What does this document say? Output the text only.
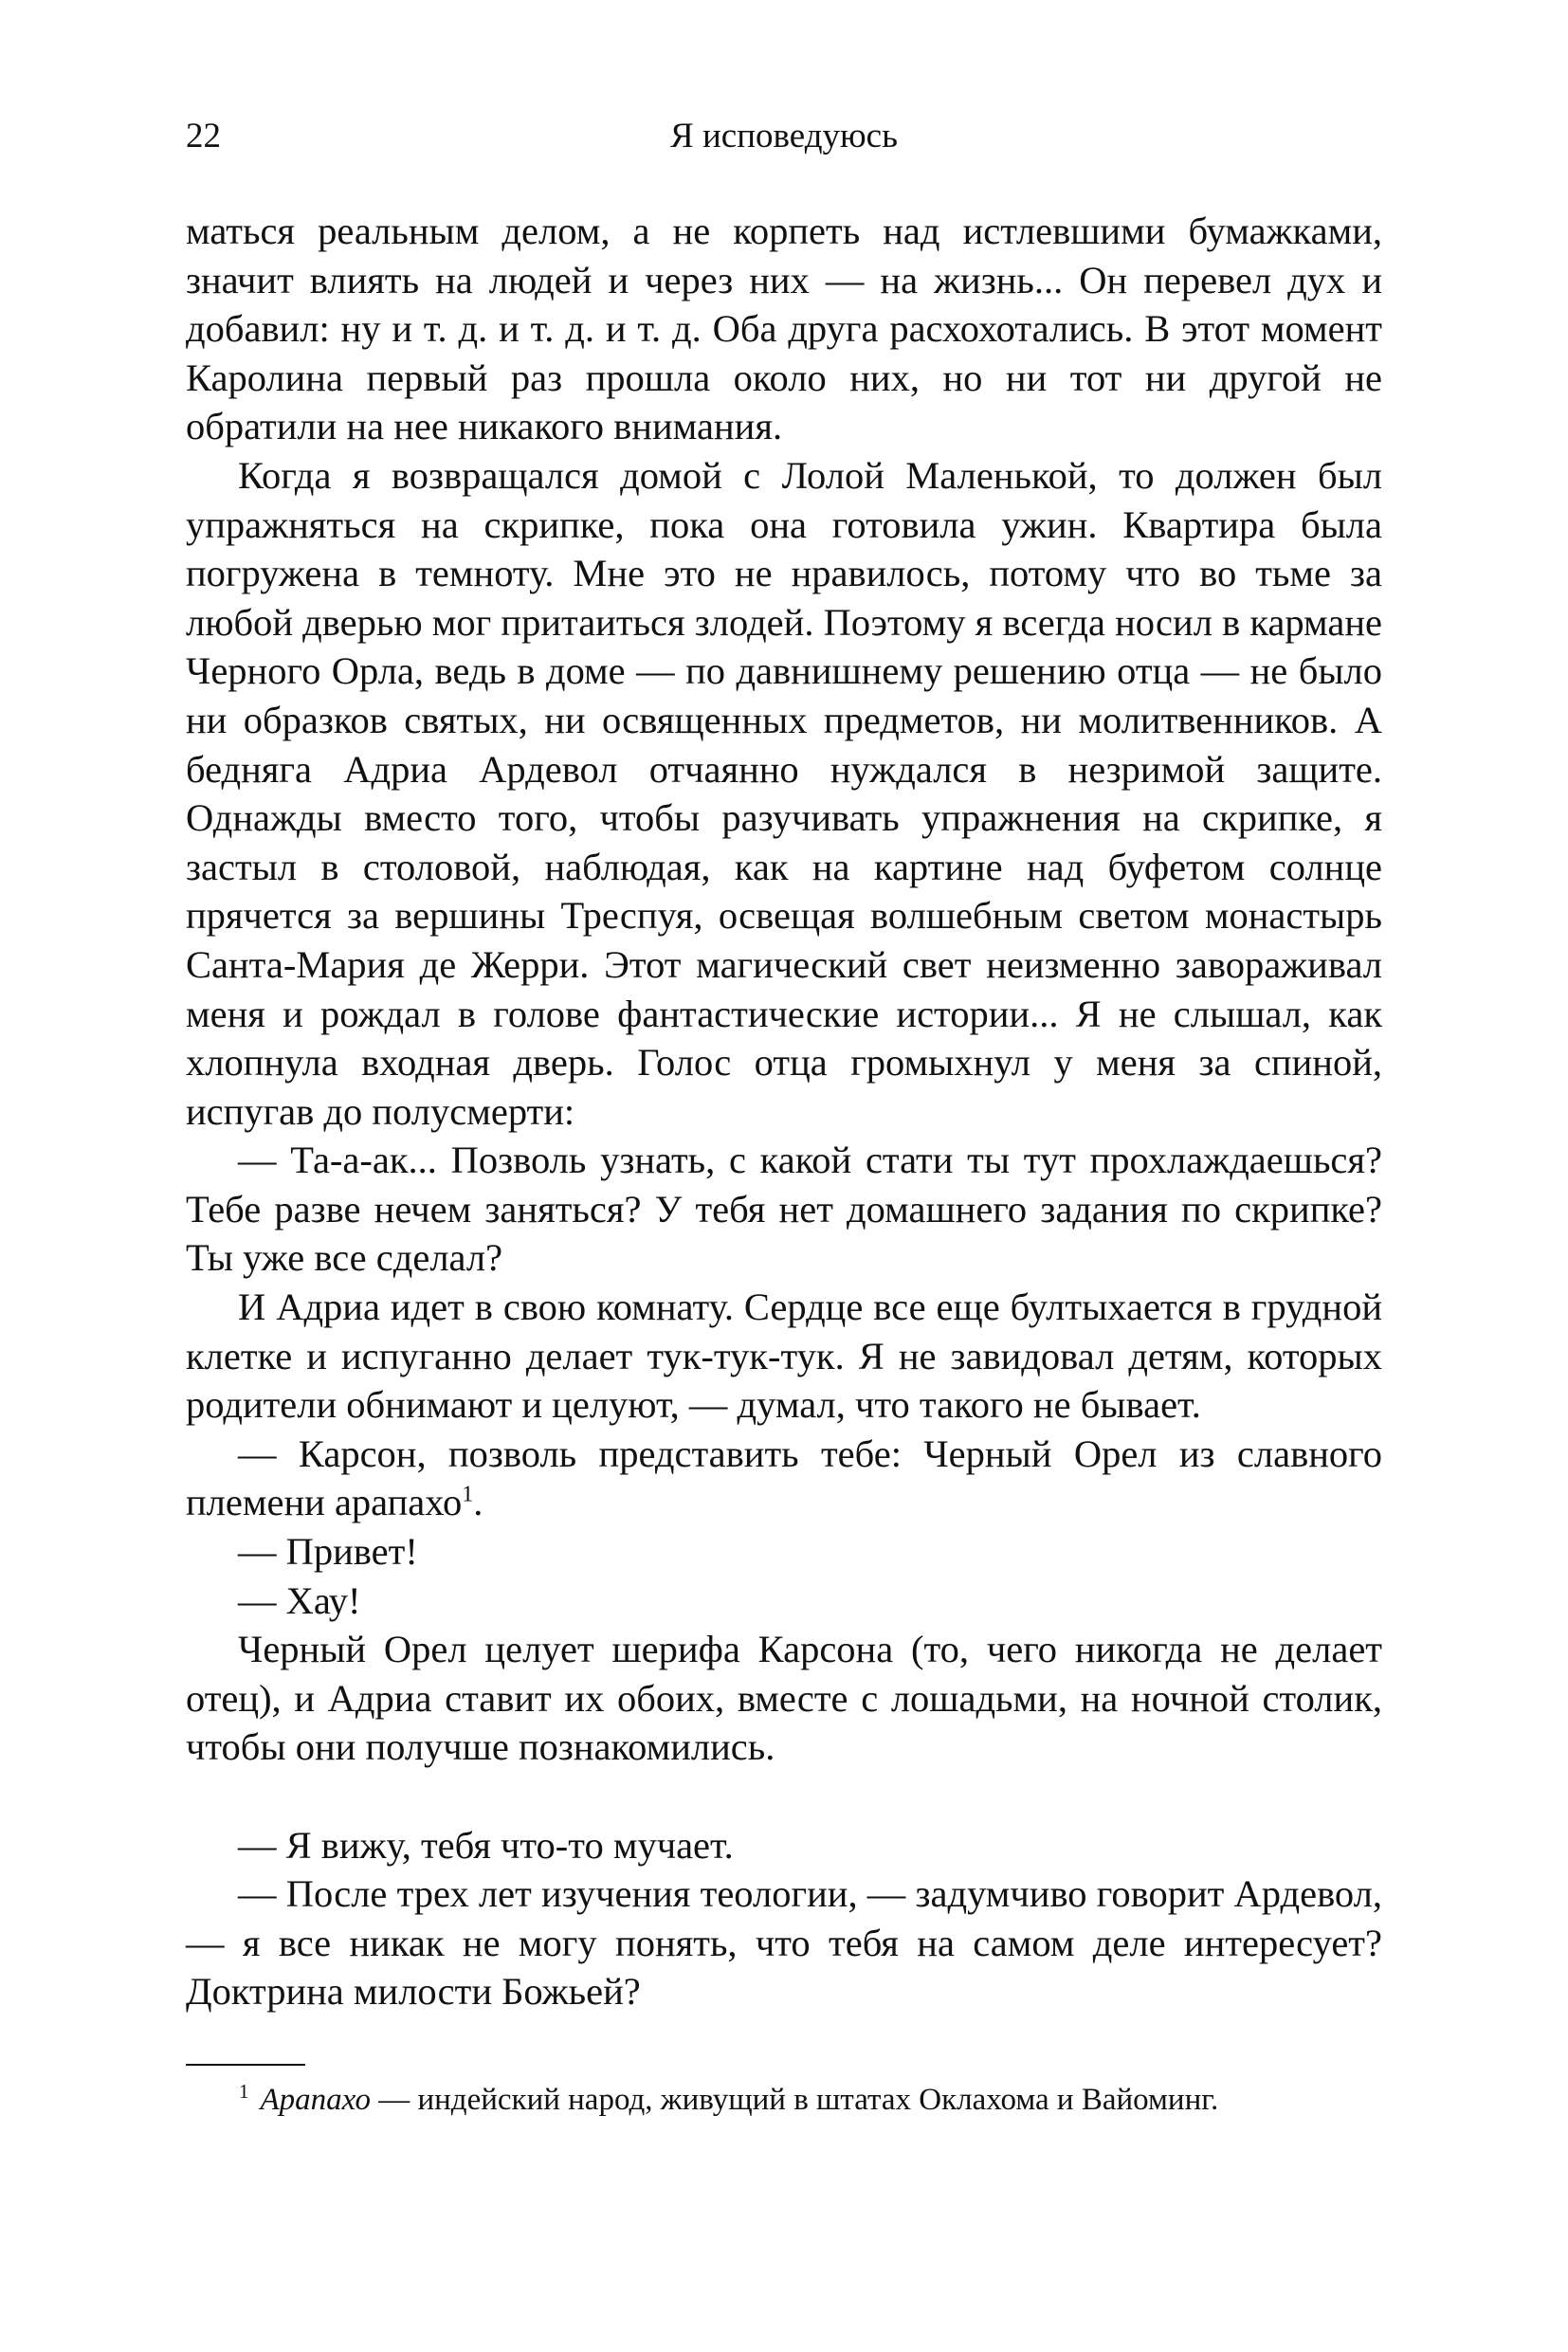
22	Я исповедуюсь

маться реальным делом, а не корпеть над истлевшими бумажками, значит влиять на людей и через них — на жизнь... Он перевел дух и добавил: ну и т. д. и т. д. и т. д. Оба друга расхохотались. В этот момент Каролина первый раз прошла около них, но ни тот ни другой не обратили на нее никакого внимания.

Когда я возвращался домой с Лолой Маленькой, то должен был упражняться на скрипке, пока она готовила ужин. Квартира была погружена в темноту. Мне это не нравилось, потому что во тьме за любой дверью мог притаиться злодей. Поэтому я всегда носил в кармане Черного Орла, ведь в доме — по давнишнему решению отца — не было ни образков святых, ни освященных предметов, ни молитвенников. А бедняга Адриа Ардевол отчаянно нуждался в незримой защите. Однажды вместо того, чтобы разучивать упражнения на скрипке, я застыл в столовой, наблюдая, как на картине над буфетом солнце прячется за вершины Треспуя, освещая волшебным светом монастырь Санта-Мария де Жерри. Этот магический свет неизменно завораживал меня и рождал в голове фантастические истории... Я не слышал, как хлопнула входная дверь. Голос отца громыхнул у меня за спиной, испугав до полусмерти:

— Та-а-ак... Позволь узнать, с какой стати ты тут прохлаждаешься? Тебе разве нечем заняться? У тебя нет домашнего задания по скрипке? Ты уже все сделал?

И Адриа идет в свою комнату. Сердце все еще бултыхается в грудной клетке и испуганно делает тук-тук-тук. Я не завидовал детям, которых родители обнимают и целуют, — думал, что такого не бывает.

— Карсон, позволь представить тебе: Черный Орел из славного племени арапахо$^1$.

— Привет!

— Хау!

Черный Орел целует шерифа Карсона (то, чего никогда не делает отец), и Адриа ставит их обоих, вместе с лошадьми, на ночной столик, чтобы они получше познакомились.

— Я вижу, тебя что-то мучает.

— После трех лет изучения теологии, — задумчиво говорит Ардевол, — я все никак не могу понять, что тебя на самом деле интересует? Доктрина милости Божьей?

$^1$ Арапахо — индейский народ, живущий в штатах Оклахома и Вайоминг.
